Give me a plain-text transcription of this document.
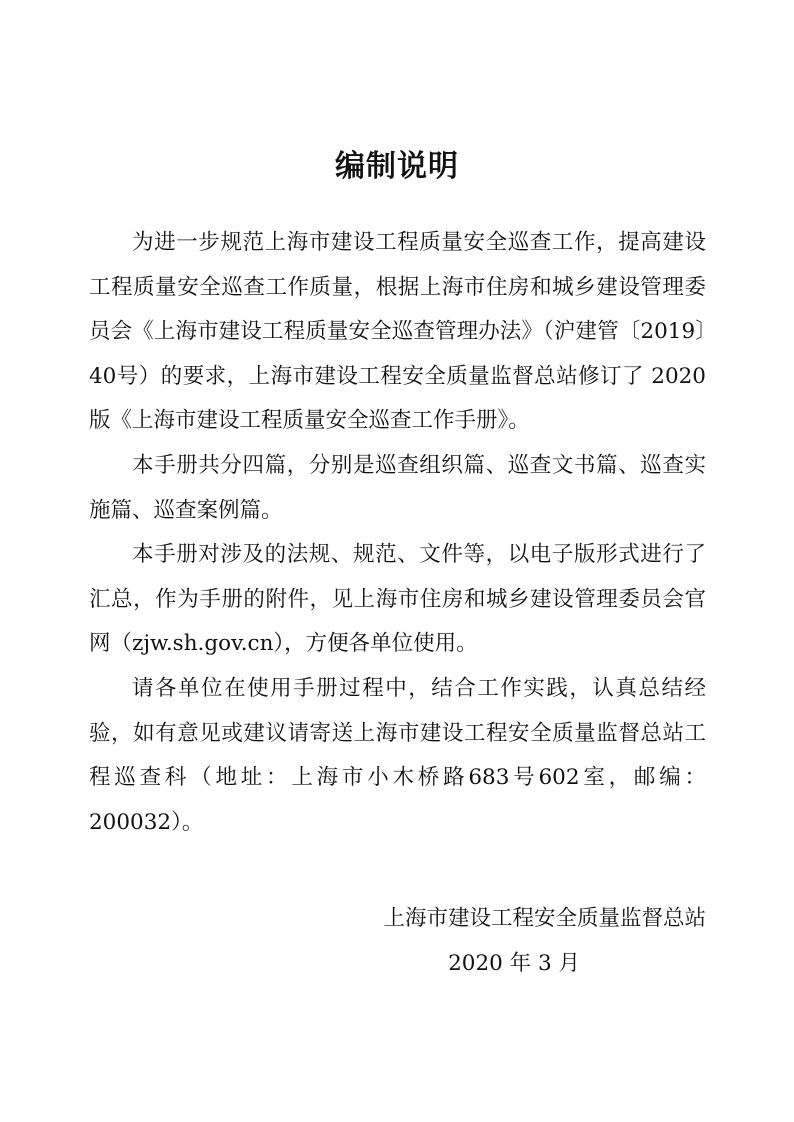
编制说明

为进一步规范上海市建设工程质量安全巡查工作，提高建设工程质量安全巡查工作质量，根据上海市住房和城乡建设管理委员会《上海市建设工程质量安全巡查管理办法》（沪建管〔2019〕40号）的要求，上海市建设工程安全质量监督总站修订了 2020 版《上海市建设工程质量安全巡查工作手册》。

本手册共分四篇，分别是巡查组织篇、巡查文书篇、巡查实施篇、巡查案例篇。

本手册对涉及的法规、规范、文件等，以电子版形式进行了汇总，作为手册的附件，见上海市住房和城乡建设管理委员会官网（zjw.sh.gov.cn），方便各单位使用。

请各单位在使用手册过程中，结合工作实践，认真总结经验，如有意见或建议请寄送上海市建设工程安全质量监督总站工程巡查科（地址：上海市小木桥路683号602室，邮编：200032）。

上海市建设工程安全质量监督总站
2020 年 3 月
